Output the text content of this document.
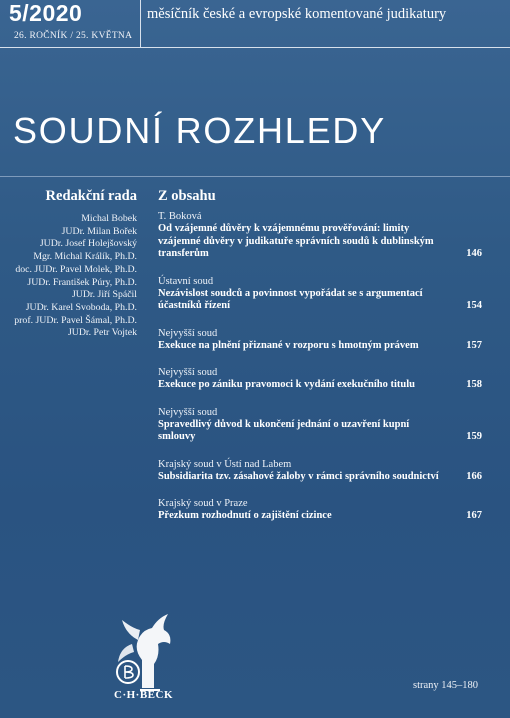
5/2020
26. ROČNÍK / 25. KVĚTNA
měsíčník české a evropské komentované judikatury
SOUDNÍ ROZHLEDY
Redakční rada
Michal Bobek
JUDr. Milan Bořek
JUDr. Josef Holejšovský
Mgr. Michal Králík, Ph.D.
doc. JUDr. Pavel Molek, Ph.D.
JUDr. František Púry, Ph.D.
JUDr. Jiří Spáčil
JUDr. Karel Svoboda, Ph.D.
prof. JUDr. Pavel Šámal, Ph.D.
JUDr. Petr Vojtek
Z obsahu
T. Boková
Od vzájemné důvěry k vzájemnému prověřování: limity vzájemné důvěry v judikatuře správních soudů k dublinským transferům	146
Ústavní soud
Nezávislost soudců a povinnost vypořádat se s argumentací účastníků řízení	154
Nejvyšší soud
Exekuce na plnění přiznané v rozporu s hmotným právem	157
Nejvyšší soud
Exekuce po zániku pravomoci k vydání exekučního titulu	158
Nejvyšší soud
Spravedlivý důvod k ukončení jednání o uzavření kupní smlouvy	159
Krajský soud v Ústí nad Labem
Subsidiarita tzv. zásahové žaloby v rámci správního soudnictví	166
Krajský soud v Praze
Přezkum rozhodnutí o zajištění cizince	167
C·H·BECK
strany 145–180
